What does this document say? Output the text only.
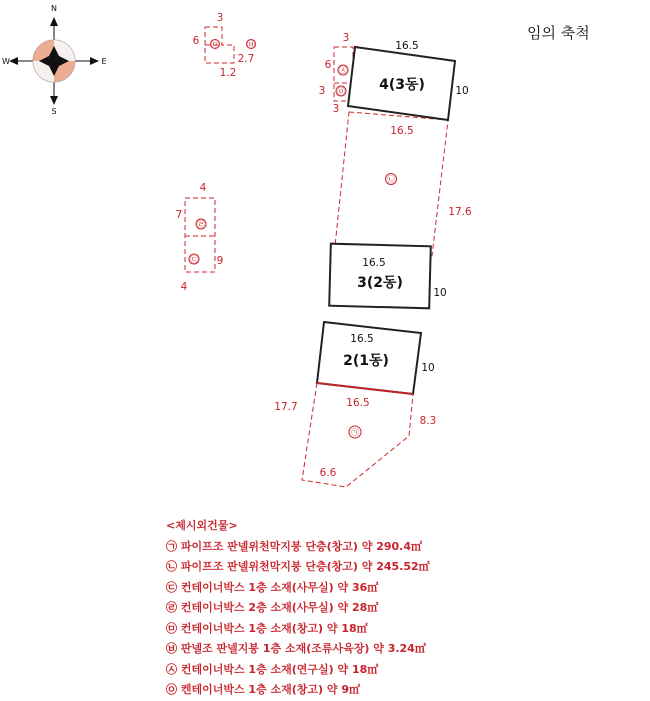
임의 축척
N
S
E
W
㉤	㉥
3
6
2.7
1.2
㉣
㉢
4
7
9
4
㉦
㉧
3
6
3
3
㉡
16.5
17.6
4(3동)
16.5
10
3(2동)
16.5
10
2(1동)
16.5
10
㉠
16.5
17.7
8.3
6.6
<제시외건물>
㉠ 파이프조 판넬위천막지붕 단층(창고) 약 290.4㎡
㉡ 파이프조 판넬위천막지붕 단층(창고) 약 245.52㎡
㉢ 컨테이너박스 1층 소재(사무실) 약 36㎡
㉣ 컨테이너박스 2층 소재(사무실) 약 28㎡
㉤ 컨테이너박스 1층 소재(창고) 약 18㎡
㉥ 판넬조 판넬지붕 1층 소재(조류사육장) 약 3.24㎡
㉦ 컨테이너박스 1층 소재(연구실) 약 18㎡
㉧ 켄테이너박스 1층 소재(창고) 약 9㎡
